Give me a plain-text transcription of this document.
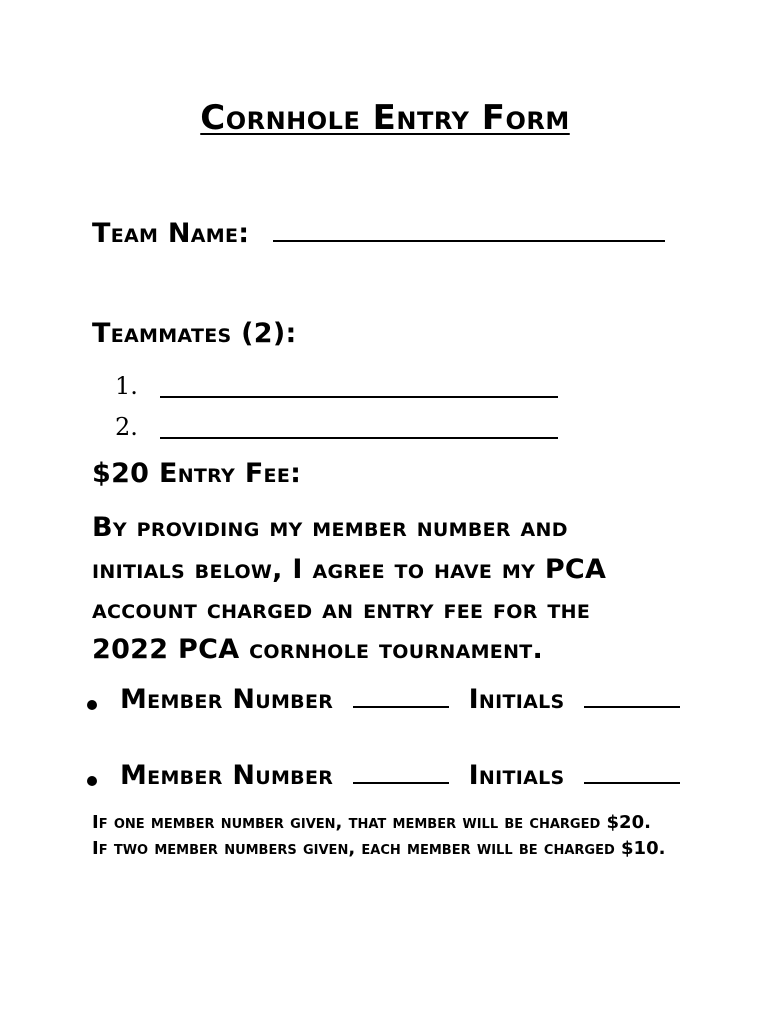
Cornhole Entry Form
Team Name:
Teammates (2):
1.
2.
$20 Entry Fee:
By providing my member number and
initials below, I agree to have my PCA
account charged an entry fee for the
2022 PCA cornhole tournament.
Member Number	Initials
Member Number	Initials
If one member number given, that member will be charged $20.
If two member numbers given, each member will be charged $10.
